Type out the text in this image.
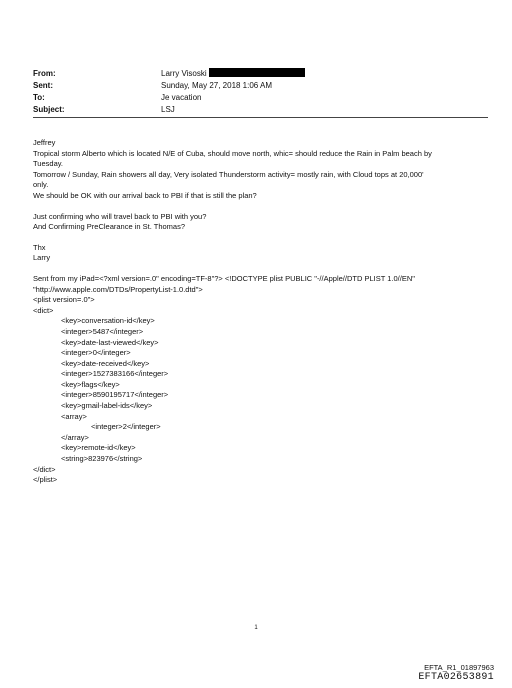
From:	Larry Visoski
Sent:	Sunday, May 27, 2018 1:06 AM
To:	Je vacation
Subject:	LSJ

Jeffrey

Tropical storm Alberto which is located N/E of Cuba, should move north, whic= should reduce the Rain in Palm beach by

Tuesday.

Tomorrow / Sunday, Rain showers all day, Very isolated Thunderstorm activity= mostly rain, with Cloud tops at 20,000'

only.

We should be OK with our arrival back to PBI if that is still the plan?

Just confirming who will travel back to PBI with you?

And Confirming PreClearance in St. Thomas?

Thx

Larry

Sent from my iPad=<?xml version=.0" encoding=TF-8"?> <!DOCTYPE plist PUBLIC "-//Apple//DTD PLIST 1.0//EN"

"http://www.apple.com/DTDs/PropertyList-1.0.dtd">

<plist version=.0">

<dict>

<key>conversation-id</key>

<integer>5487</integer>

<key>date-last-viewed</key>

<integer>0</integer>

<key>date-received</key>

<integer>1527383166</integer>

<key>flags</key>

<integer>8590195717</integer>

<key>gmail-label-ids</key>

<array>

<integer>2</integer>

</array>

<key>remote-id</key>

<string>823976</string>

</dict>

</plist>

1
EFTA_R1_01897963
EFTA02653891
